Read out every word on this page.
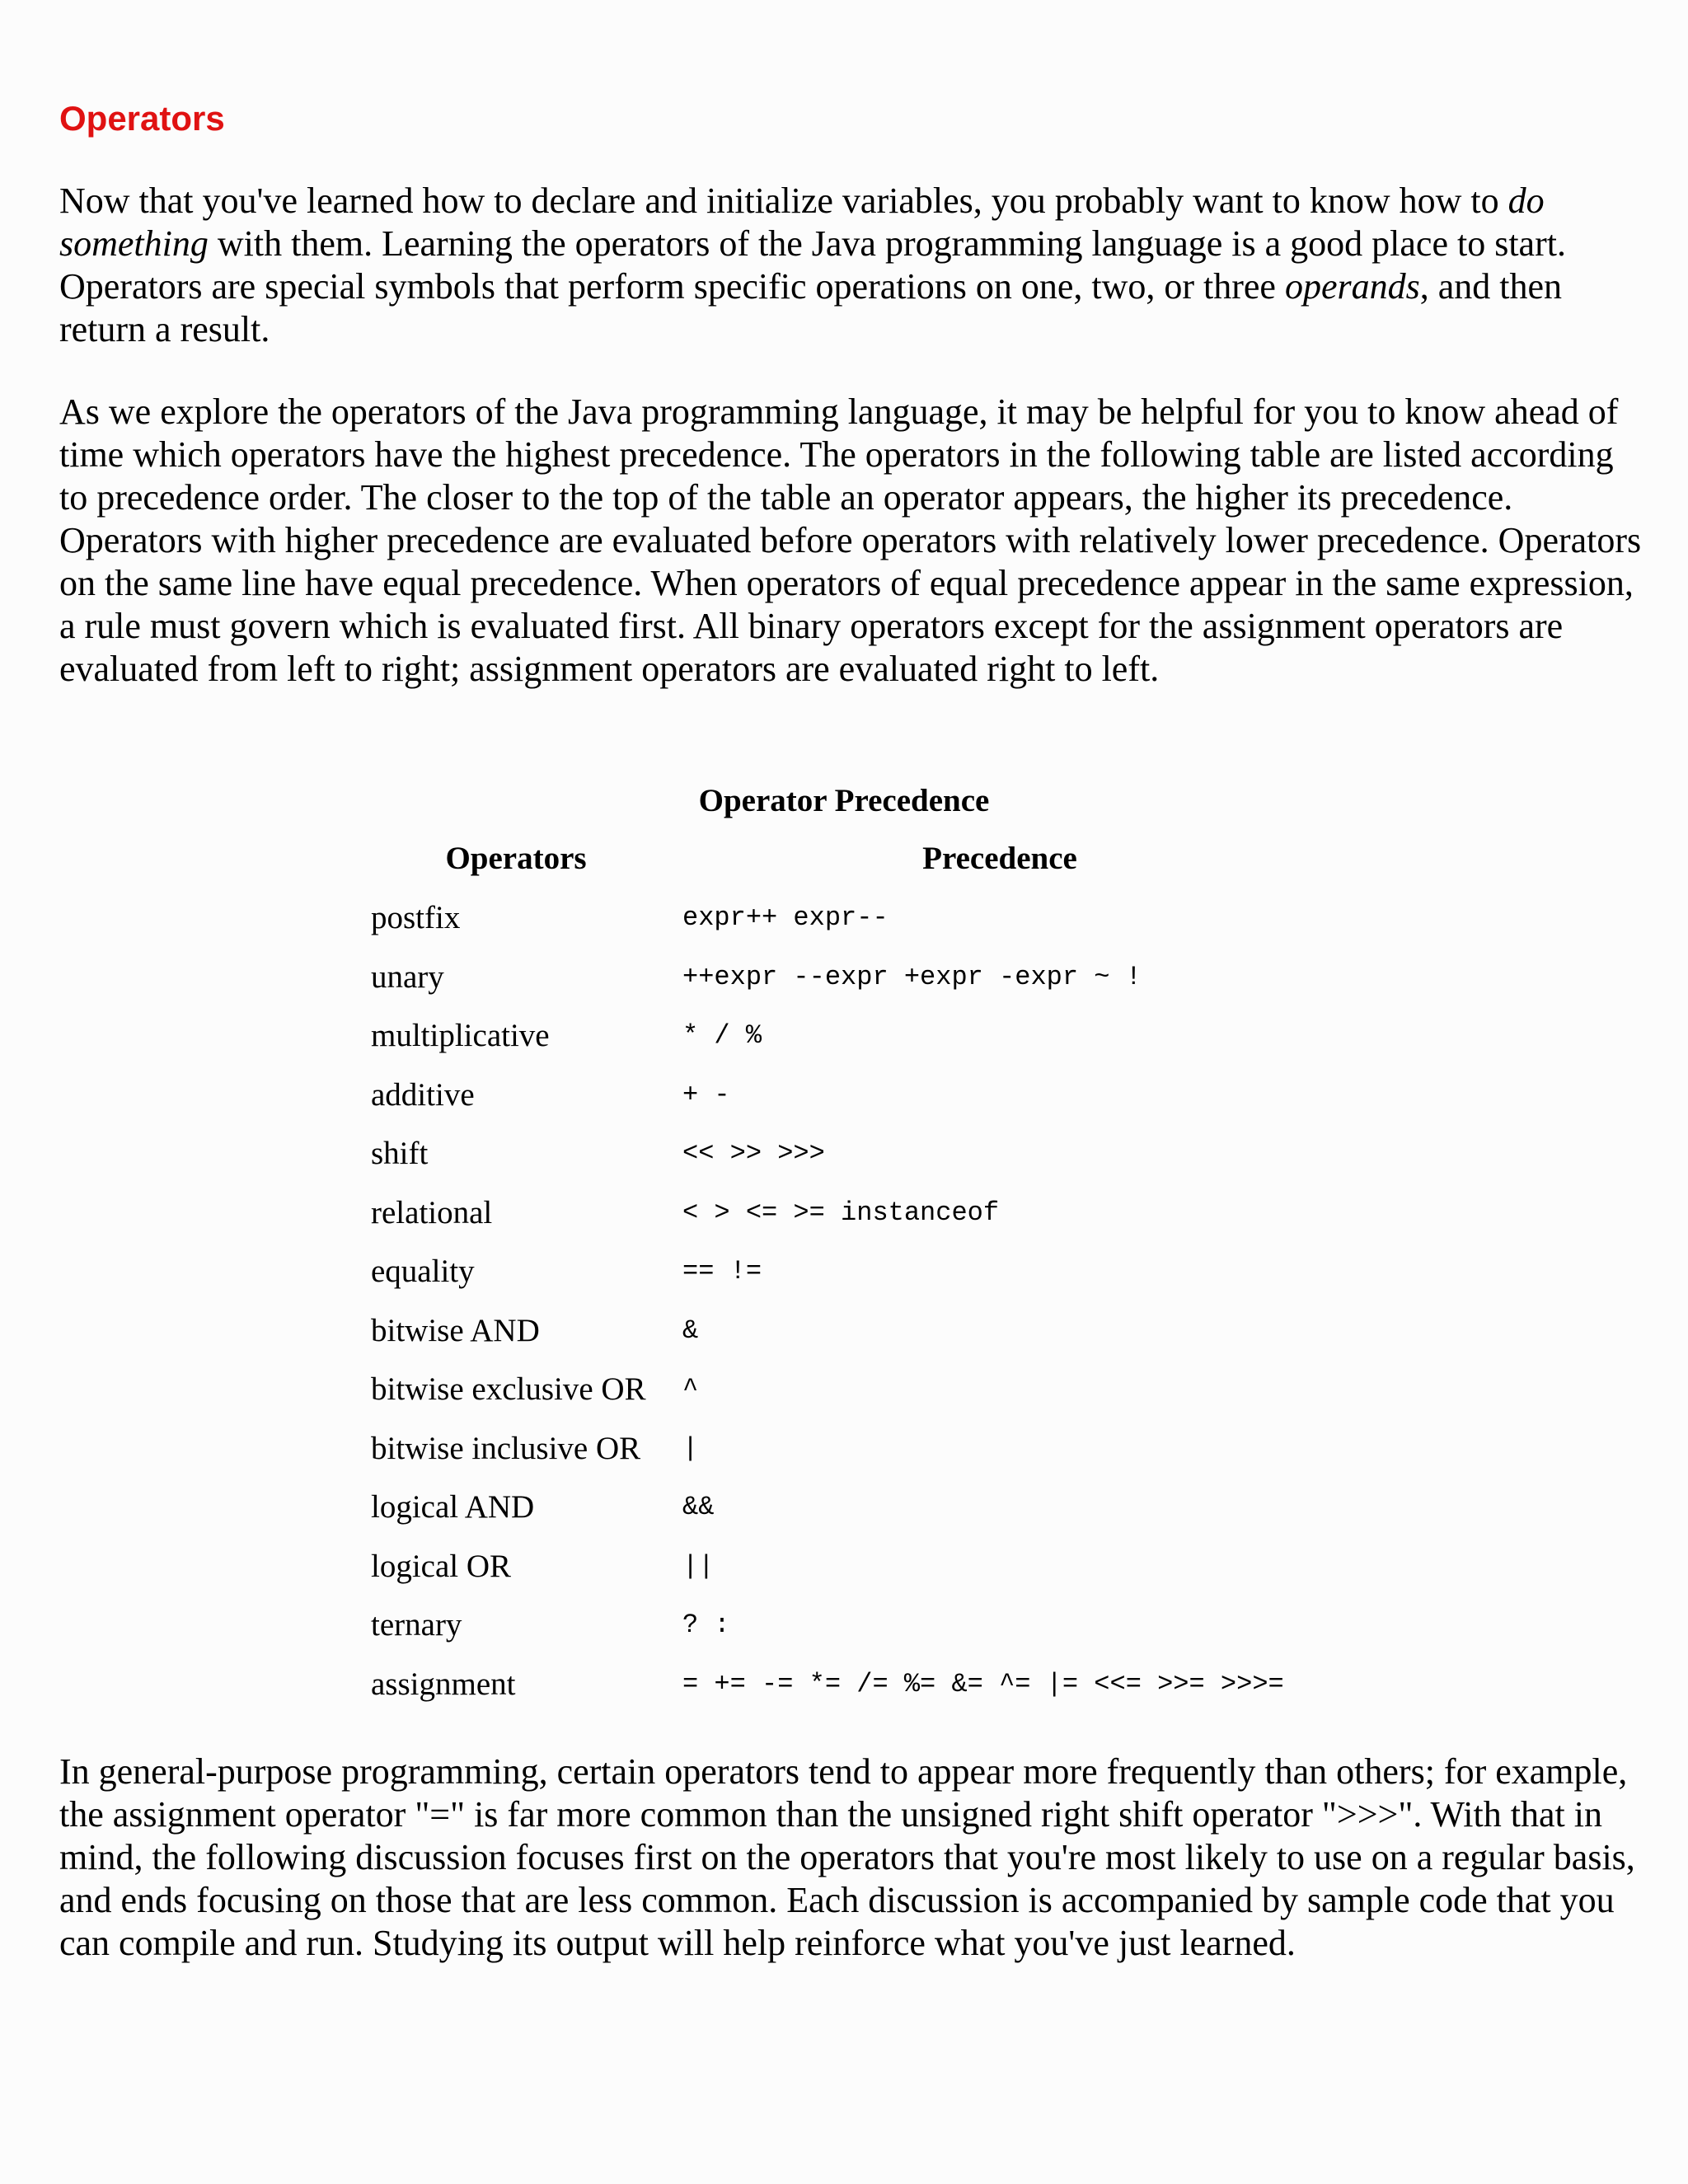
Operators

Now that you've learned how to declare and initialize variables, you probably want to know how to do something with them. Learning the operators of the Java programming language is a good place to start. Operators are special symbols that perform specific operations on one, two, or three operands, and then return a result.

As we explore the operators of the Java programming language, it may be helpful for you to know ahead of time which operators have the highest precedence. The operators in the following table are listed according to precedence order. The closer to the top of the table an operator appears, the higher its precedence. Operators with higher precedence are evaluated before operators with relatively lower precedence. Operators on the same line have equal precedence. When operators of equal precedence appear in the same expression, a rule must govern which is evaluated first. All binary operators except for the assignment operators are evaluated from left to right; assignment operators are evaluated right to left.

Operator Precedence
Operators	Precedence
postfix	expr++ expr--
unary	++expr --expr +expr -expr ~ !
multiplicative	* / %
additive	+ -
shift	<< >> >>>
relational	< > <= >= instanceof
equality	== !=
bitwise AND	&
bitwise exclusive OR	^
bitwise inclusive OR	|
logical AND	&&
logical OR	||
ternary	? :
assignment	= += -= *= /= %= &= ^= |= <<= >>= >>>=

In general-purpose programming, certain operators tend to appear more frequently than others; for example, the assignment operator "=" is far more common than the unsigned right shift operator ">>>". With that in mind, the following discussion focuses first on the operators that you're most likely to use on a regular basis, and ends focusing on those that are less common. Each discussion is accompanied by sample code that you can compile and run. Studying its output will help reinforce what you've just learned.
